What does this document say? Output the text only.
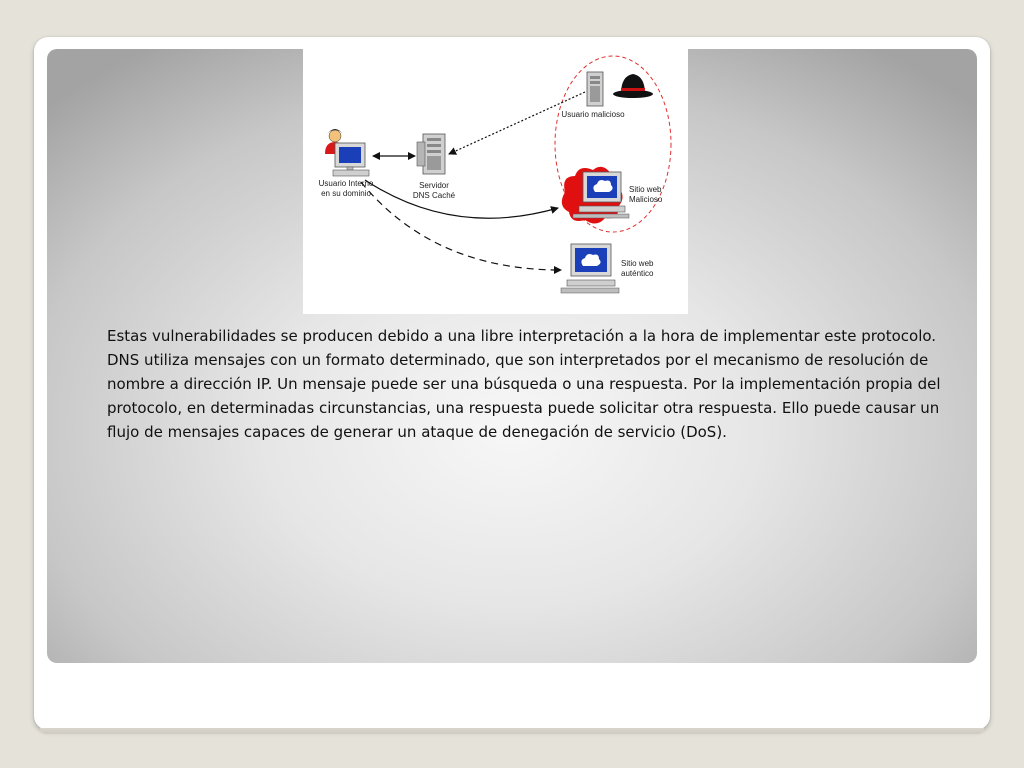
Usuario Interno
en su dominio
Servidor
DNS Caché
Usuario malicioso
Sitio web
Malicioso
Sitio web
auténtico

Estas vulnerabilidades se producen debido a una libre interpretación a la hora de implementar este protocolo. DNS utiliza mensajes con un formato determinado, que son interpretados por el mecanismo de resolución de nombre a dirección IP. Un mensaje puede ser una búsqueda o una respuesta. Por la implementación propia del protocolo, en determinadas circunstancias, una respuesta puede solicitar otra respuesta. Ello puede causar un flujo de mensajes capaces de generar un ataque de denegación de servicio (DoS).
